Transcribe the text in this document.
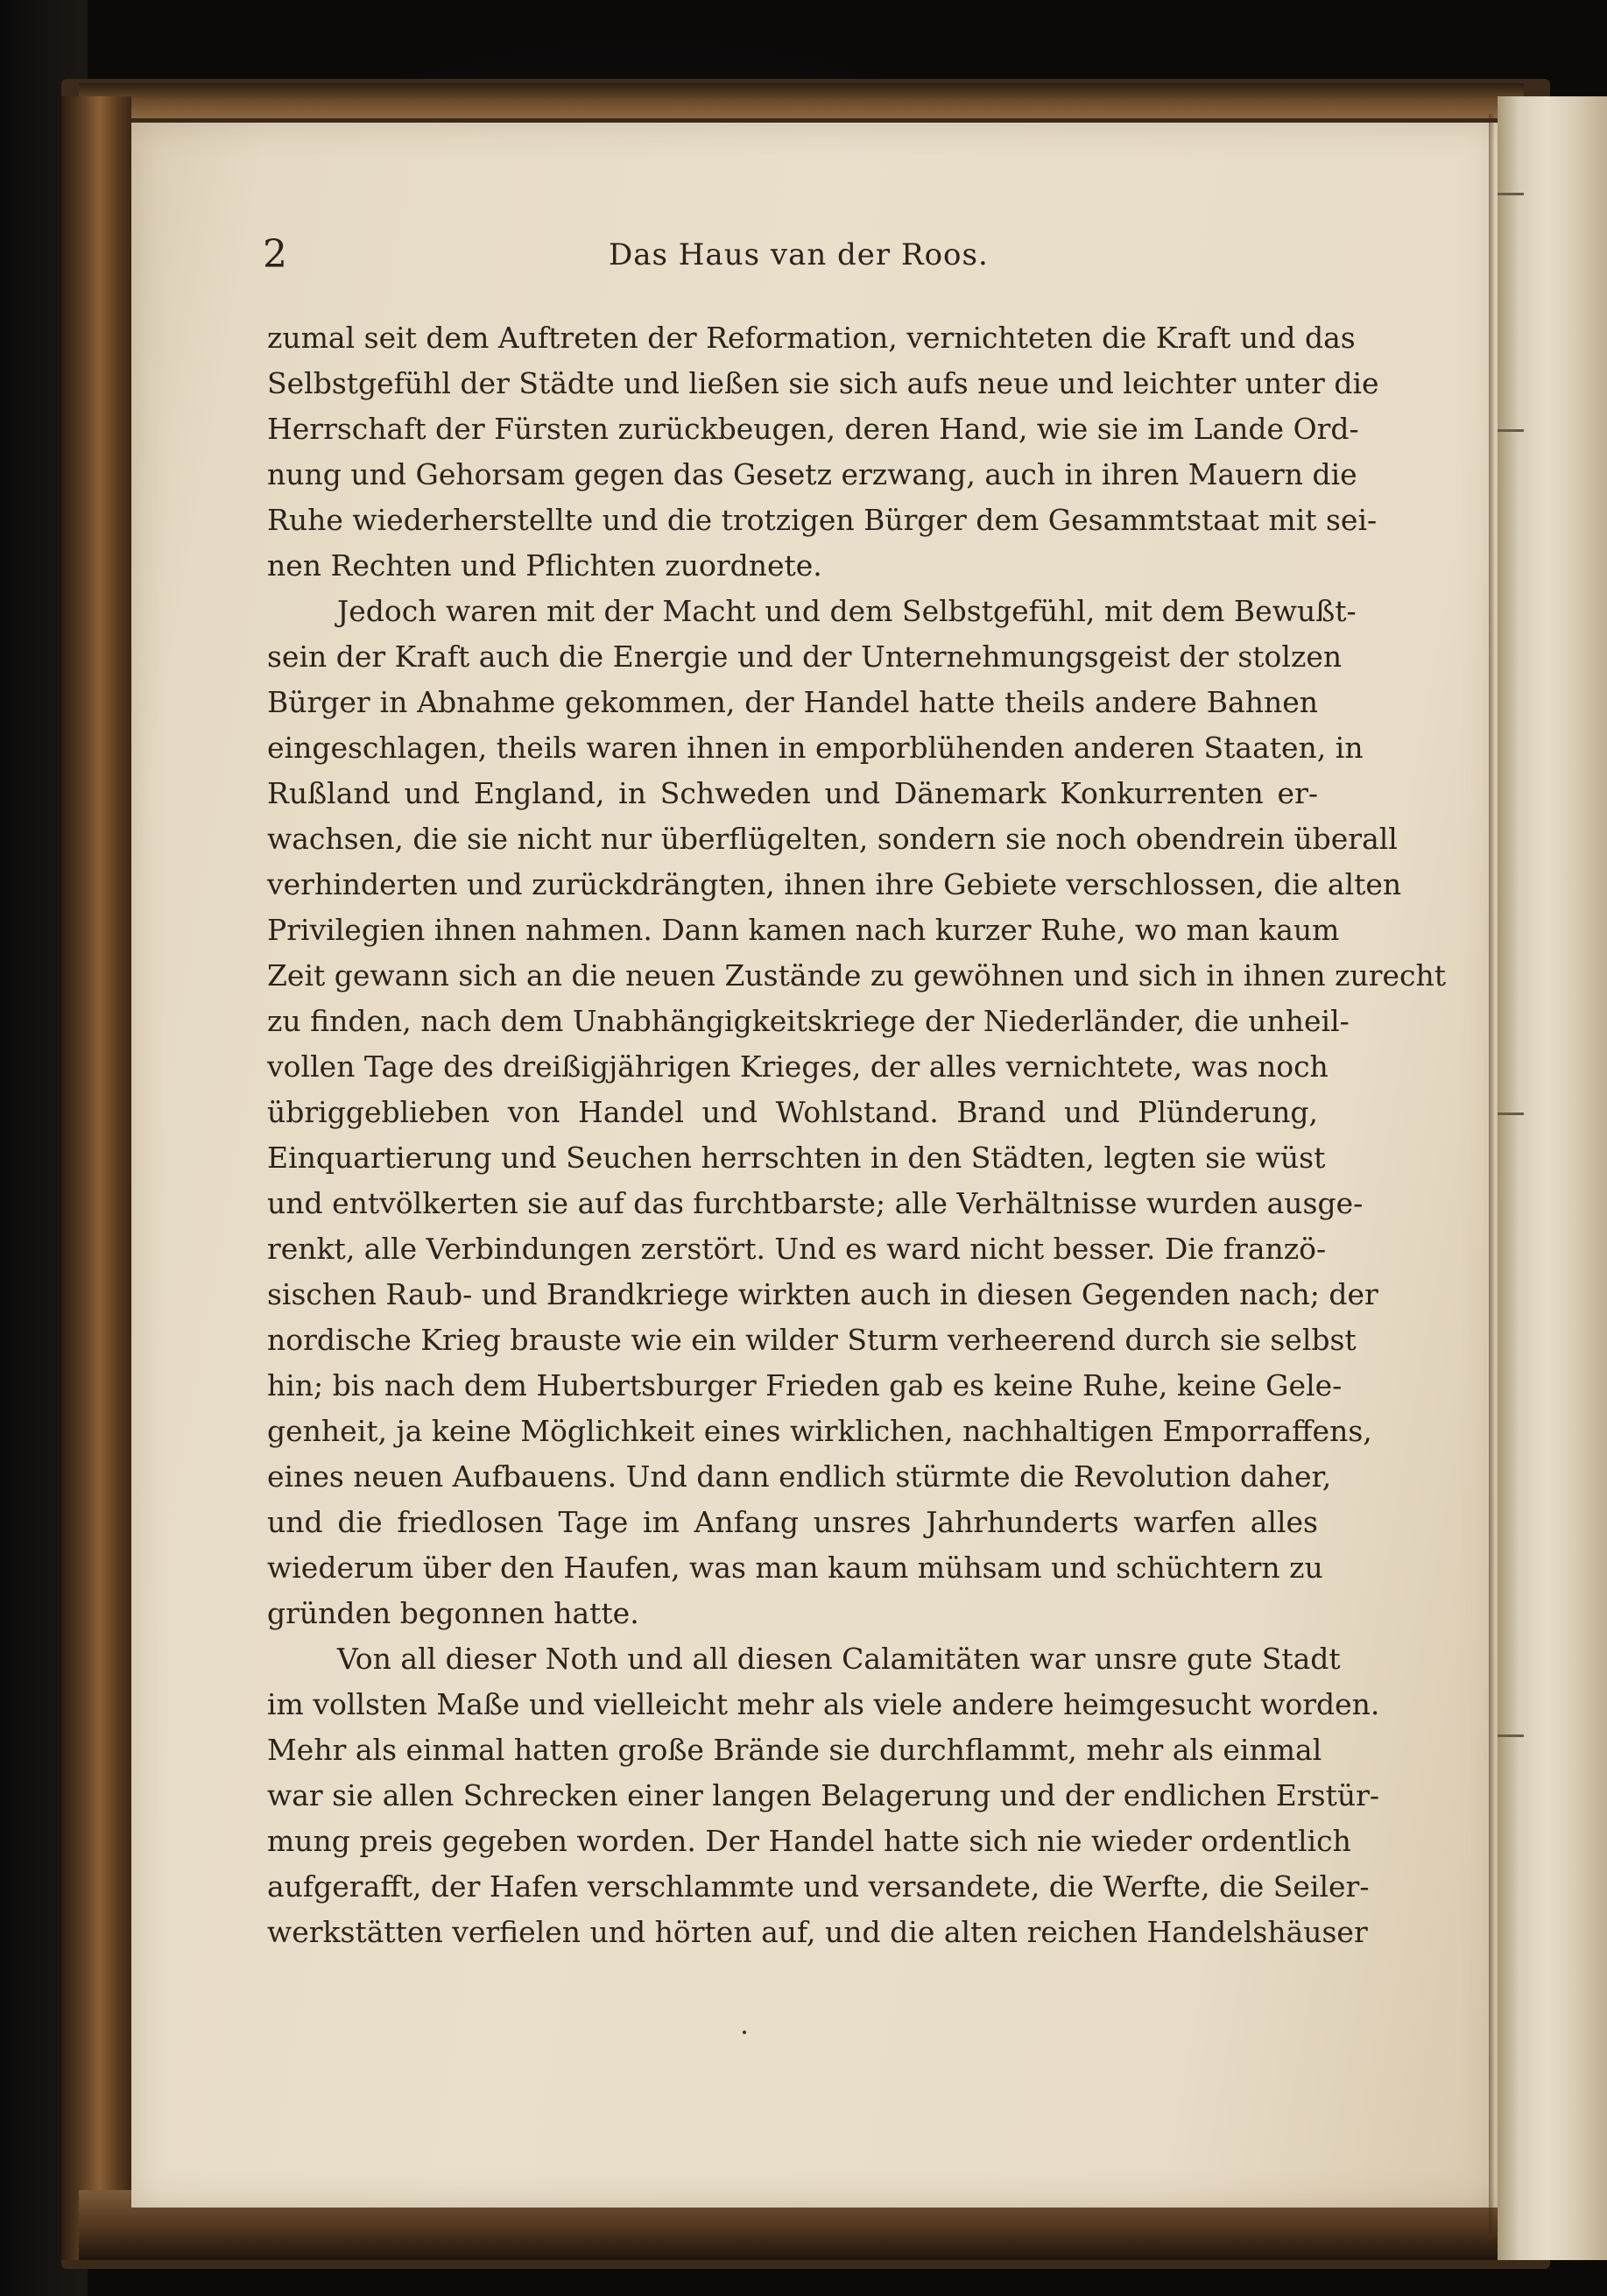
2	Das Haus van der Roos.
zumal seit dem Auftreten der Reformation, vernichteten die Kraft und das
Selbstgefühl der Städte und ließen sie sich aufs neue und leichter unter die
Herrschaft der Fürsten zurückbeugen, deren Hand, wie sie im Lande Ord-
nung und Gehorsam gegen das Gesetz erzwang, auch in ihren Mauern die
Ruhe wiederherstellte und die trotzigen Bürger dem Gesammtstaat mit sei-
nen Rechten und Pflichten zuordnete.
Jedoch waren mit der Macht und dem Selbstgefühl, mit dem Bewußt-
sein der Kraft auch die Energie und der Unternehmungsgeist der stolzen
Bürger in Abnahme gekommen, der Handel hatte theils andere Bahnen
eingeschlagen, theils waren ihnen in emporblühenden anderen Staaten, in
Rußland und England, in Schweden und Dänemark Konkurrenten er-
wachsen, die sie nicht nur überflügelten, sondern sie noch obendrein überall
verhinderten und zurückdrängten, ihnen ihre Gebiete verschlossen, die alten
Privilegien ihnen nahmen. Dann kamen nach kurzer Ruhe, wo man kaum
Zeit gewann sich an die neuen Zustände zu gewöhnen und sich in ihnen zurecht
zu finden, nach dem Unabhängigkeitskriege der Niederländer, die unheil-
vollen Tage des dreißigjährigen Krieges, der alles vernichtete, was noch
übriggeblieben von Handel und Wohlstand. Brand und Plünderung,
Einquartierung und Seuchen herrschten in den Städten, legten sie wüst
und entvölkerten sie auf das furchtbarste; alle Verhältnisse wurden ausge-
renkt, alle Verbindungen zerstört. Und es ward nicht besser. Die franzö-
sischen Raub- und Brandkriege wirkten auch in diesen Gegenden nach; der
nordische Krieg brauste wie ein wilder Sturm verheerend durch sie selbst
hin; bis nach dem Hubertsburger Frieden gab es keine Ruhe, keine Gele-
genheit, ja keine Möglichkeit eines wirklichen, nachhaltigen Emporraffens,
eines neuen Aufbauens. Und dann endlich stürmte die Revolution daher,
und die friedlosen Tage im Anfang unsres Jahrhunderts warfen alles
wiederum über den Haufen, was man kaum mühsam und schüchtern zu
gründen begonnen hatte.
Von all dieser Noth und all diesen Calamitäten war unsre gute Stadt
im vollsten Maße und vielleicht mehr als viele andere heimgesucht worden.
Mehr als einmal hatten große Brände sie durchflammt, mehr als einmal
war sie allen Schrecken einer langen Belagerung und der endlichen Erstür-
mung preis gegeben worden. Der Handel hatte sich nie wieder ordentlich
aufgerafft, der Hafen verschlammte und versandete, die Werfte, die Seiler-
werkstätten verfielen und hörten auf, und die alten reichen Handelshäuser
